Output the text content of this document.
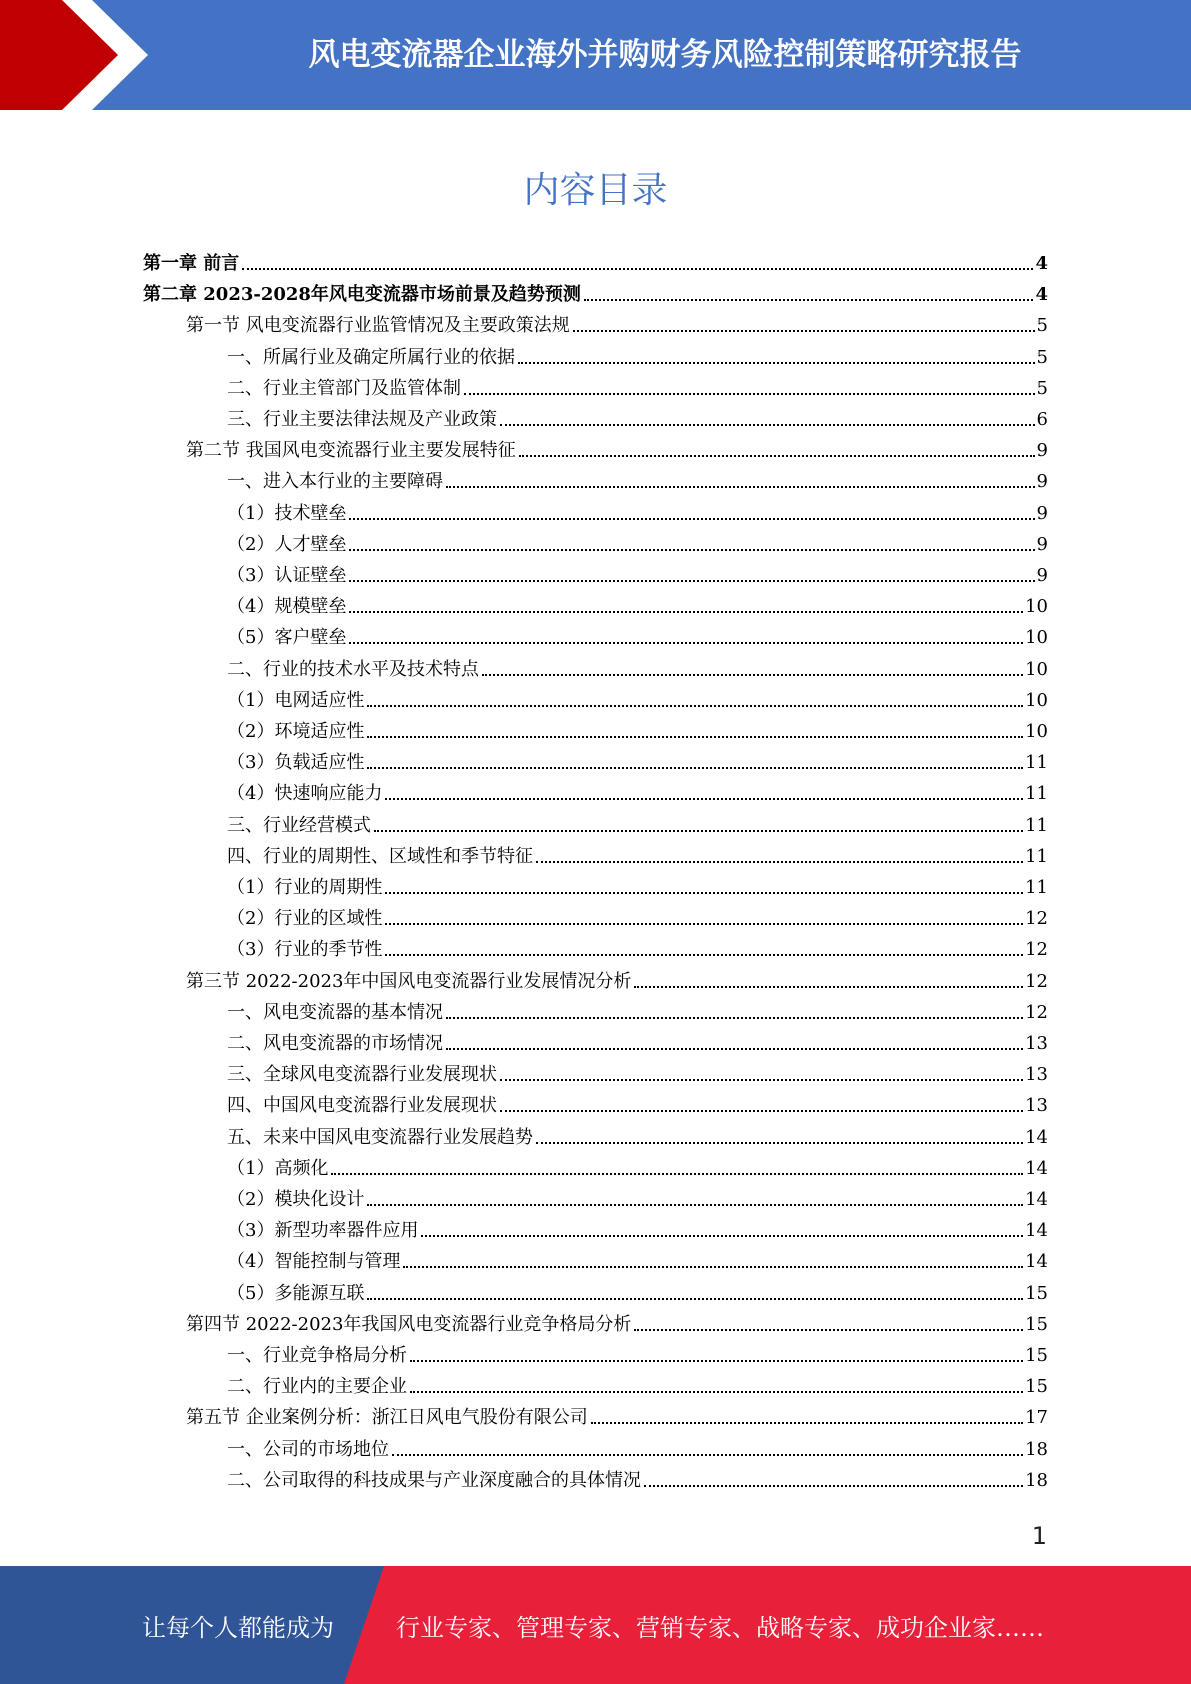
风电变流器企业海外并购财务风险控制策略研究报告
内容目录
第一章 前言	4
第二章 2023-2028年风电变流器市场前景及趋势预测	4
第一节 风电变流器行业监管情况及主要政策法规	5
一、所属行业及确定所属行业的依据	5
二、行业主管部门及监管体制	5
三、行业主要法律法规及产业政策	6
第二节 我国风电变流器行业主要发展特征	9
一、进入本行业的主要障碍	9
（1）技术壁垒	9
（2）人才壁垒	9
（3）认证壁垒	9
（4）规模壁垒	10
（5）客户壁垒	10
二、行业的技术水平及技术特点	10
（1）电网适应性	10
（2）环境适应性	10
（3）负载适应性	11
（4）快速响应能力	11
三、行业经营模式	11
四、行业的周期性、区域性和季节特征	11
（1）行业的周期性	11
（2）行业的区域性	12
（3）行业的季节性	12
第三节 2022-2023年中国风电变流器行业发展情况分析	12
一、风电变流器的基本情况	12
二、风电变流器的市场情况	13
三、全球风电变流器行业发展现状	13
四、中国风电变流器行业发展现状	13
五、未来中国风电变流器行业发展趋势	14
（1）高频化	14
（2）模块化设计	14
（3）新型功率器件应用	14
（4）智能控制与管理	14
（5）多能源互联	15
第四节 2022-2023年我国风电变流器行业竞争格局分析	15
一、行业竞争格局分析	15
二、行业内的主要企业	15
第五节 企业案例分析：浙江日风电气股份有限公司	17
一、公司的市场地位	18
二、公司取得的科技成果与产业深度融合的具体情况	18
1
让每个人都能成为	行业专家、管理专家、营销专家、战略专家、成功企业家……
